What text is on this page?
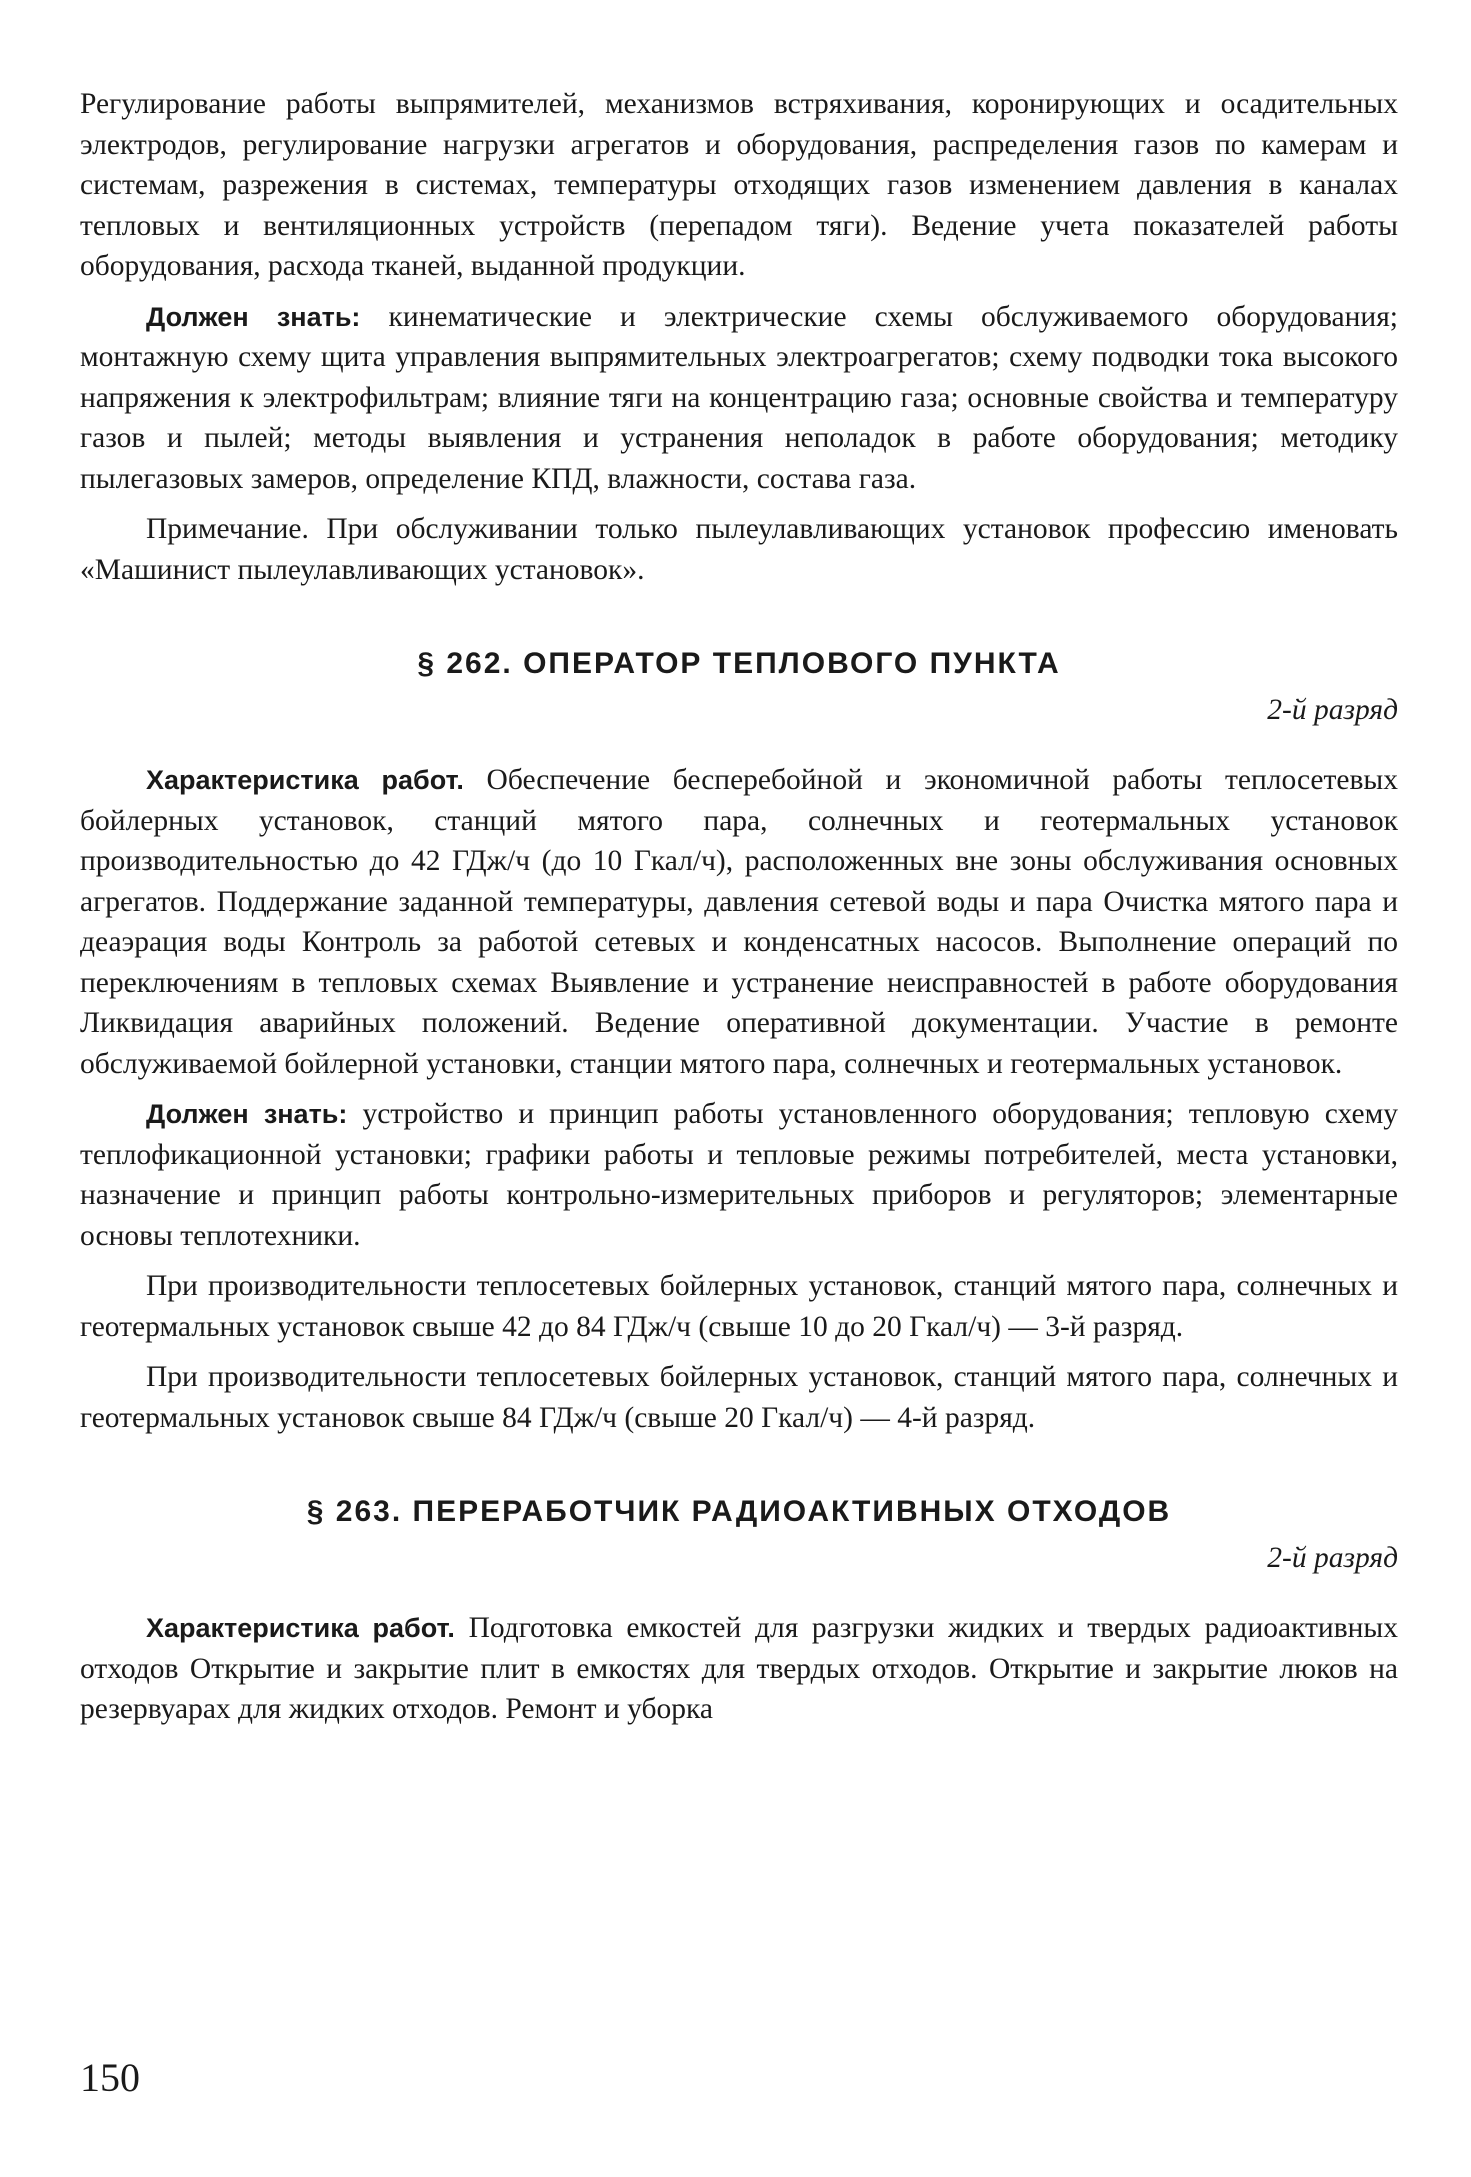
Регулирование работы выпрямителей, механизмов встряхивания, коронирующих и осадительных электродов, регулирование нагрузки агрегатов и оборудования, распределения газов по камерам и системам, разрежения в системах, температуры отходящих газов изменением давления в каналах тепловых и вентиляционных устройств (перепадом тяги). Ведение учета показателей работы оборудования, расхода тканей, выданной продукции.

Должен знать: кинематические и электрические схемы обслуживаемого оборудования; монтажную схему щита управления выпрямительных электроагрегатов; схему подводки тока высокого напряжения к электрофильтрам; влияние тяги на концентрацию газа; основные свойства и температуру газов и пылей; методы выявления и устранения неполадок в работе оборудования; методику пылегазовых замеров, определение КПД, влажности, состава газа.

Примечание. При обслуживании только пылеулавливающих установок профессию именовать «Машинист пылеулавливающих установок».

§ 262. ОПЕРАТОР ТЕПЛОВОГО ПУНКТА
2-й разряд

Характеристика работ. Обеспечение бесперебойной и экономичной работы теплосетевых бойлерных установок, станций мятого пара, солнечных и геотермальных установок производительностью до 42 ГДж/ч (до 10 Гкал/ч), расположенных вне зоны обслуживания основных агрегатов. Поддержание заданной температуры, давления сетевой воды и пара Очистка мятого пара и деаэрация воды Контроль за работой сетевых и конденсатных насосов. Выполнение операций по переключениям в тепловых схемах Выявление и устранение неисправностей в работе оборудования Ликвидация аварийных положений. Ведение оперативной документации. Участие в ремонте обслуживаемой бойлерной установки, станции мятого пара, солнечных и геотермальных установок.

Должен знать: устройство и принцип работы установленного оборудования; тепловую схему теплофикационной установки; графики работы и тепловые режимы потребителей, места установки, назначение и принцип работы контрольно-измерительных приборов и регуляторов; элементарные основы теплотехники.

При производительности теплосетевых бойлерных установок, станций мятого пара, солнечных и геотермальных установок свыше 42 до 84 ГДж/ч (свыше 10 до 20 Гкал/ч) — 3-й разряд.

При производительности теплосетевых бойлерных установок, станций мятого пара, солнечных и геотермальных установок свыше 84 ГДж/ч (свыше 20 Гкал/ч) — 4-й разряд.

§ 263. ПЕРЕРАБОТЧИК РАДИОАКТИВНЫХ ОТХОДОВ
2-й разряд

Характеристика работ. Подготовка емкостей для разгрузки жидких и твердых радиоактивных отходов Открытие и закрытие плит в емкостях для твердых отходов. Открытие и закрытие люков на резервуарах для жидких отходов. Ремонт и уборка

150
